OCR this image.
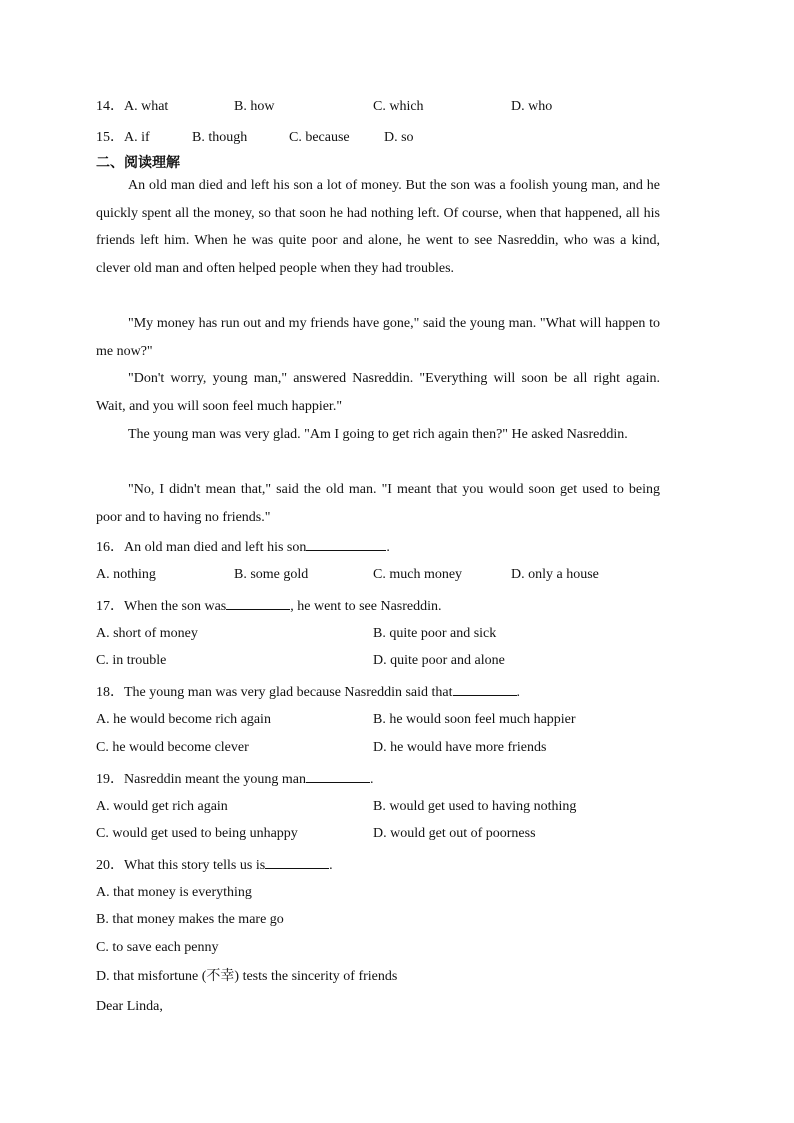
14．A. what	B. how	C. which	D. who
15．A. if	B. though	C. because D. so
二、阅读理解

An old man died and left his son a lot of money. But the son was a foolish young man, and he quickly spent all the money, so that soon he had nothing left. Of course, when that happened, all his friends left him. When he was quite poor and alone, he went to see Nasreddin, who was a kind, clever old man and often helped people when they had troubles.

"My money has run out and my friends have gone," said the young man. "What will happen to me now?"

"Don't worry, young man," answered Nasreddin. "Everything will soon be all right again. Wait, and you will soon feel much happier."

The young man was very glad. "Am I going to get rich again then?" He asked Nasreddin.

"No, I didn't mean that," said the old man. "I meant that you would soon get used to being poor and to having no friends."

16．An old man died and left his son	.
A. nothing	B. some gold	C. much money	D. only a house
17．When the son was	, he went to see Nasreddin.
A. short of money	B. quite poor and sick
C. in trouble	D. quite poor and alone
18．The young man was very glad because Nasreddin said that	.
A. he would become rich again	B. he would soon feel much happier
C. he would become clever	D. he would have more friends
19．Nasreddin meant the young man	.
A. would get rich again	B. would get used to having nothing
C. would get used to being unhappy	D. would get out of poorness
20．What this story tells us is	.
A. that money is everything
B. that money makes the mare go
C. to save each penny
D. that misfortune (不幸) tests the sincerity of friends
Dear Linda,
